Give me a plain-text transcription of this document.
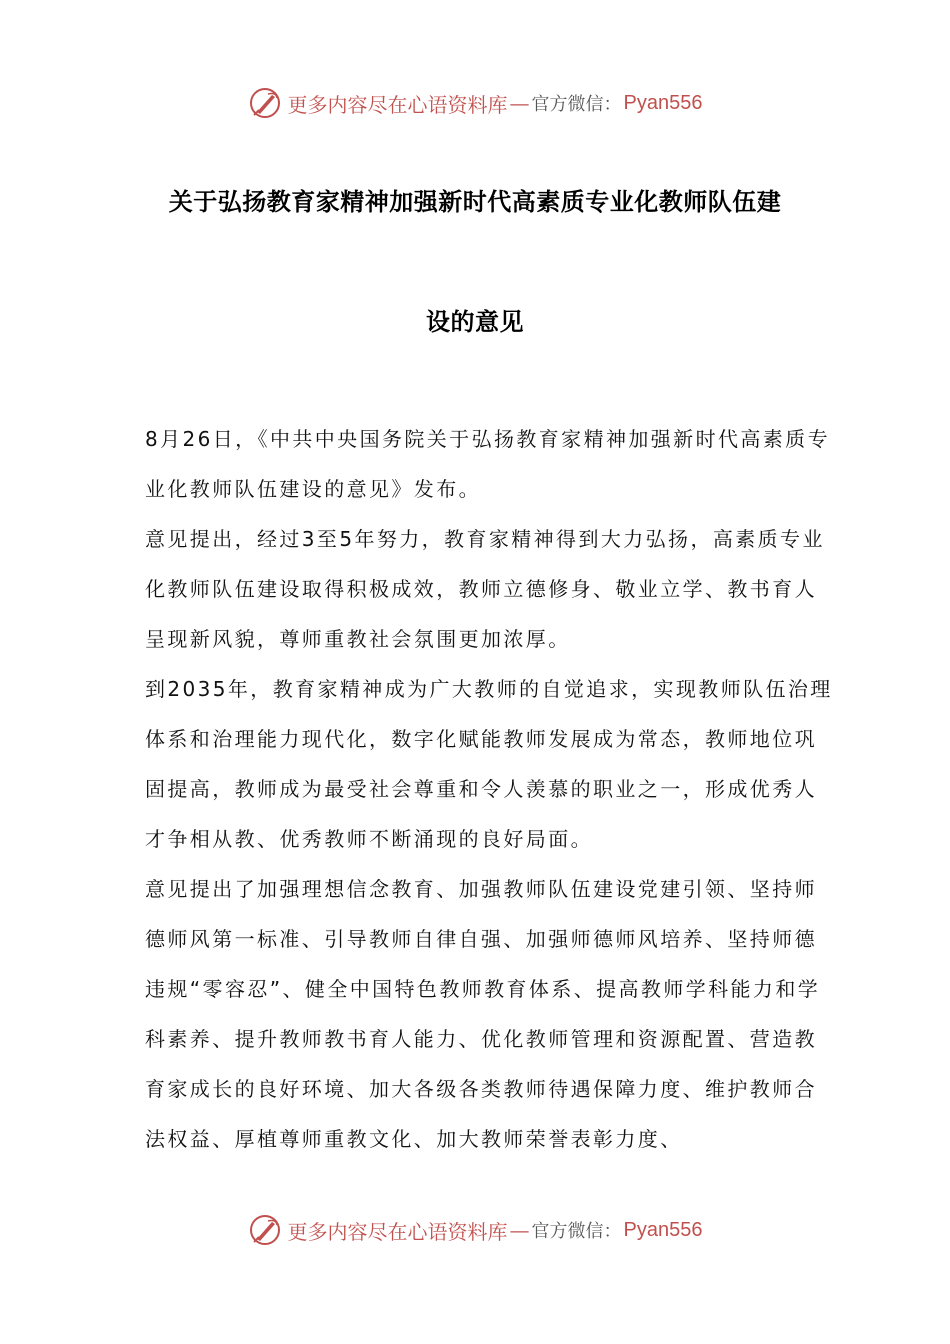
更多内容尽在心语资料库 — 官方微信： Pyan556
关于弘扬教育家精神加强新时代高素质专业化教师队伍建
设的意见

8月26日，《中共中央国务院关于弘扬教育家精神加强新时代高素质专业化教师队伍建设的意见》发布。

意见提出，经过3至5年努力，教育家精神得到大力弘扬，高素质专业化教师队伍建设取得积极成效，教师立德修身、敬业立学、教书育人呈现新风貌，尊师重教社会氛围更加浓厚。

到2035年，教育家精神成为广大教师的自觉追求，实现教师队伍治理体系和治理能力现代化，数字化赋能教师发展成为常态，教师地位巩固提高，教师成为最受社会尊重和令人羡慕的职业之一，形成优秀人才争相从教、优秀教师不断涌现的良好局面。

意见提出了加强理想信念教育、加强教师队伍建设党建引领、坚持师德师风第一标准、引导教师自律自强、加强师德师风培养、坚持师德违规“零容忍”、健全中国特色教师教育体系、提高教师学科能力和学科素养、提升教师教书育人能力、优化教师管理和资源配置、营造教育家成长的良好环境、加大各级各类教师待遇保障力度、维护教师合法权益、厚植尊师重教文化、加大教师荣誉表彰力度、

更多内容尽在心语资料库 — 官方微信： Pyan556
